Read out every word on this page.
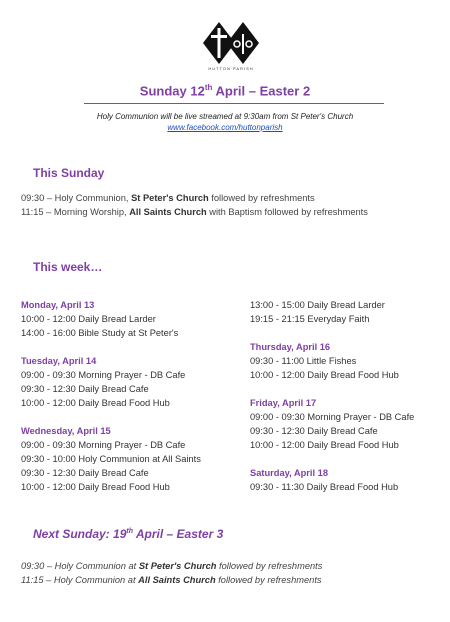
HUTTON PARISH
Sunday 12th April – Easter 2
Holy Communion will be live streamed at 9:30am from St Peter's Church
www.facebook.com/huttonparish
This Sunday
09:30 – Holy Communion, St Peter's Church followed by refreshments
11:15 – Morning Worship, All Saints Church with Baptism followed by refreshments
This week…
Monday, April 13
10:00 - 12:00 Daily Bread Larder
14:00 - 16:00 Bible Study at St Peter's
Tuesday, April 14
09:00 - 09:30 Morning Prayer - DB Cafe
09:30 - 12:30 Daily Bread Cafe
10:00 - 12:00 Daily Bread Food Hub
Wednesday, April 15
09:00 - 09:30 Morning Prayer - DB Cafe
09:30 - 10:00 Holy Communion at All Saints
09:30 - 12:30 Daily Bread Cafe
10:00 - 12:00 Daily Bread Food Hub
13:00 - 15:00 Daily Bread Larder
19:15 - 21:15 Everyday Faith
Thursday, April 16
09:30 - 11:00 Little Fishes
10:00 - 12:00 Daily Bread Food Hub
Friday, April 17
09:00 - 09:30 Morning Prayer - DB Cafe
09:30 - 12:30 Daily Bread Cafe
10:00 - 12:00 Daily Bread Food Hub
Saturday, April 18
09:30 - 11:30 Daily Bread Food Hub
Next Sunday: 19th April – Easter 3
09:30 – Holy Communion at St Peter's Church followed by refreshments
11:15 – Holy Communion at All Saints Church followed by refreshments
